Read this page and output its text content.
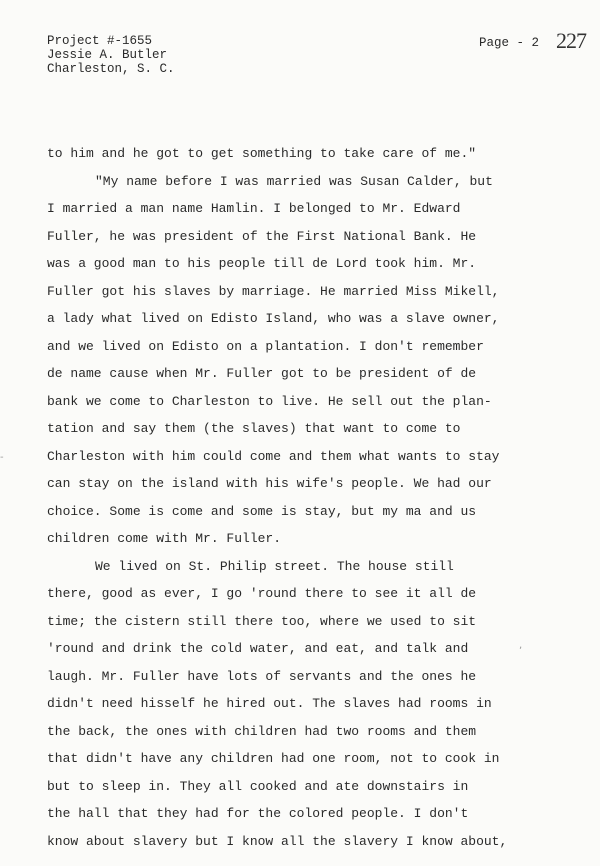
Project #-1655
Jessie A. Butler
Charleston, S. C.
Page - 2 227
to him and he got to get something to take care of me."
"My name before I was married was Susan Calder, but
I married a man name Hamlin. I belonged to Mr. Edward
Fuller, he was president of the First National Bank. He
was a good man to his people till de Lord took him. Mr.
Fuller got his slaves by marriage. He married Miss Mikell,
a lady what lived on Edisto Island, who was a slave owner,
and we lived on Edisto on a plantation. I don't remember
de name cause when Mr. Fuller got to be president of de
bank we come to Charleston to live. He sell out the plan-
tation and say them (the slaves) that want to come to
Charleston with him could come and them what wants to stay
can stay on the island with his wife's people. We had our
choice. Some is come and some is stay, but my ma and us
children come with Mr. Fuller.
We lived on St. Philip street. The house still
there, good as ever, I go 'round there to see it all de
time; the cistern still there too, where we used to sit
'round and drink the cold water, and eat, and talk and
laugh. Mr. Fuller have lots of servants and the ones he
didn't need hisself he hired out. The slaves had rooms in
the back, the ones with children had two rooms and them
that didn't have any children had one room, not to cook in
but to sleep in. They all cooked and ate downstairs in
the hall that they had for the colored people. I don't
know about slavery but I know all the slavery I know about,
-
,
